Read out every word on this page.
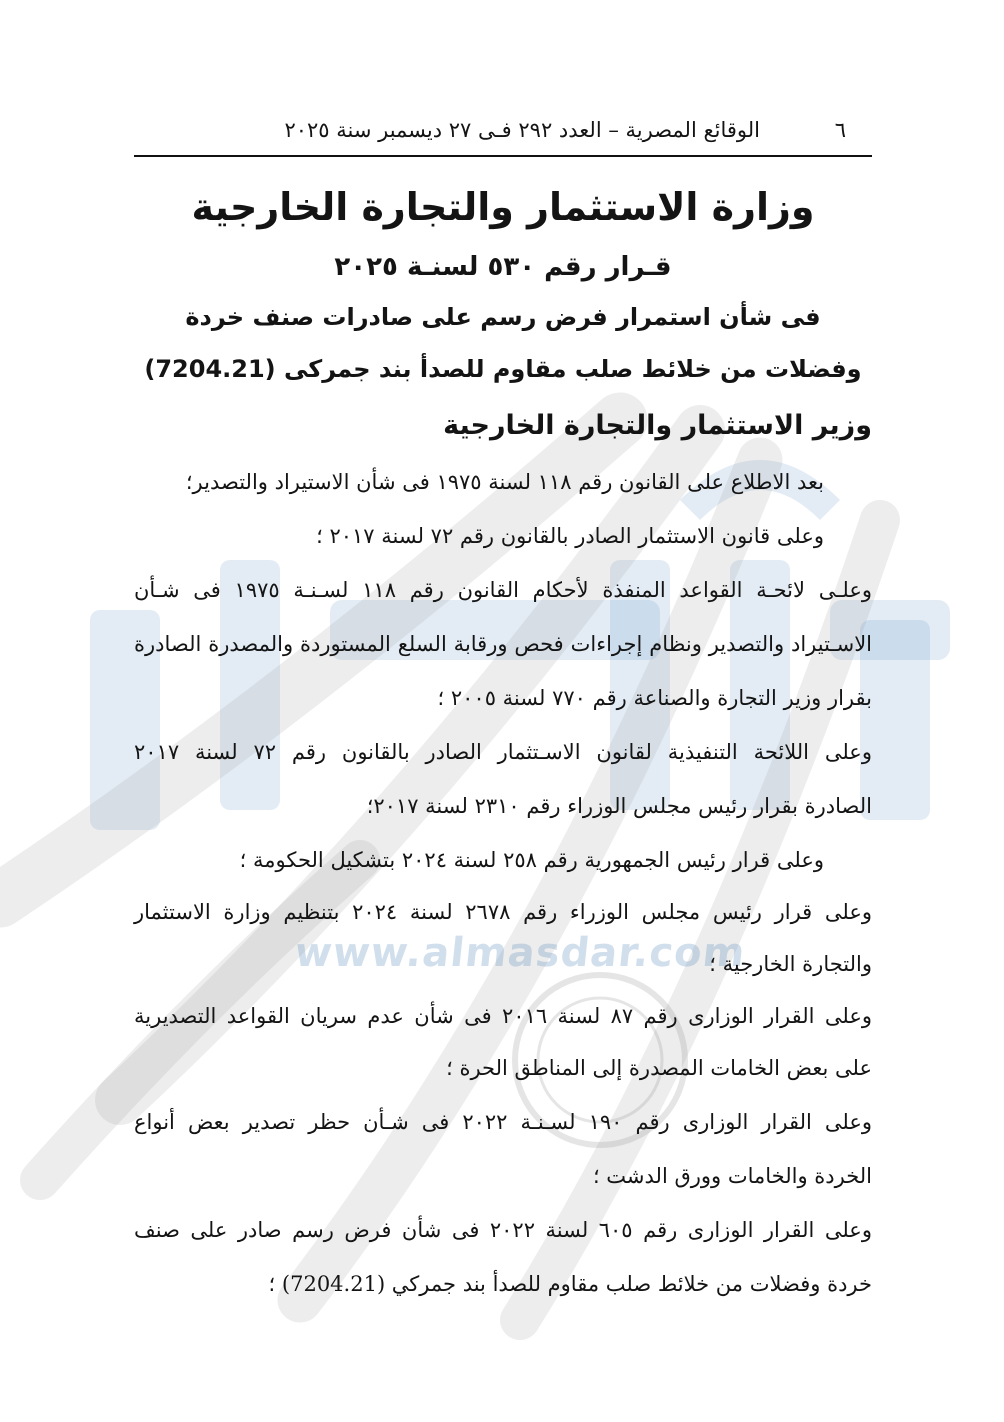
www.almasdar.com
٦
الوقائع المصرية – العدد ٢٩٢ فـى ٢٧ ديسمبر سنة ٢٠٢٥
وزارة الاستثمار والتجارة الخارجية
قـرار رقم ٥٣٠ لسنـة ٢٠٢٥
فى شأن استمرار فرض رسم على صادرات صنف خردة
وفضلات من خلائط صلب مقاوم للصدأ بند جمركى (7204.21)
وزير الاستثمار والتجارة الخارجية
بعد الاطلاع على القانون رقم ١١٨ لسنة ١٩٧٥ فى شأن الاستيراد والتصدير؛
وعلى قانون الاستثمار الصادر بالقانون رقم ٧٢ لسنة ٢٠١٧ ؛
وعلـى لائحـة القواعد المنفذة لأحكام القانون رقم ١١٨ لسـنـة ١٩٧٥ فى شـأن
الاسـتيراد والتصدير ونظام إجراءات فحص ورقابة السلع المستوردة والمصدرة الصادرة
بقرار وزير التجارة والصناعة رقم ٧٧٠ لسنة ٢٠٠٥ ؛
وعلى اللائحة التنفيذية لقانون الاسـتثمار الصادر بالقانون رقم ٧٢ لسنة ٢٠١٧
الصادرة بقرار رئيس مجلس الوزراء رقم ٢٣١٠ لسنة ٢٠١٧؛
وعلى قرار رئيس الجمهورية رقم ٢٥٨ لسنة ٢٠٢٤ بتشكيل الحكومة ؛
وعلى قرار رئيس مجلس الوزراء رقم ٢٦٧٨ لسنة ٢٠٢٤ بتنظيم وزارة الاستثمار
والتجارة الخارجية ؛
وعلى القرار الوزارى رقم ٨٧ لسنة ٢٠١٦ فى شأن عدم سريان القواعد التصديرية
على بعض الخامات المصدرة إلى المناطق الحرة ؛
وعلى القرار الوزارى رقم ١٩٠ لسـنـة ٢٠٢٢ فى شـأن حظر تصدير بعض أنواع
الخردة والخامات وورق الدشت ؛
وعلى القرار الوزارى رقم ٦٠٥ لسنة ٢٠٢٢ فى شأن فرض رسم صادر على صنف
خردة وفضلات من خلائط صلب مقاوم للصدأ بند جمركي (7204.21) ؛
